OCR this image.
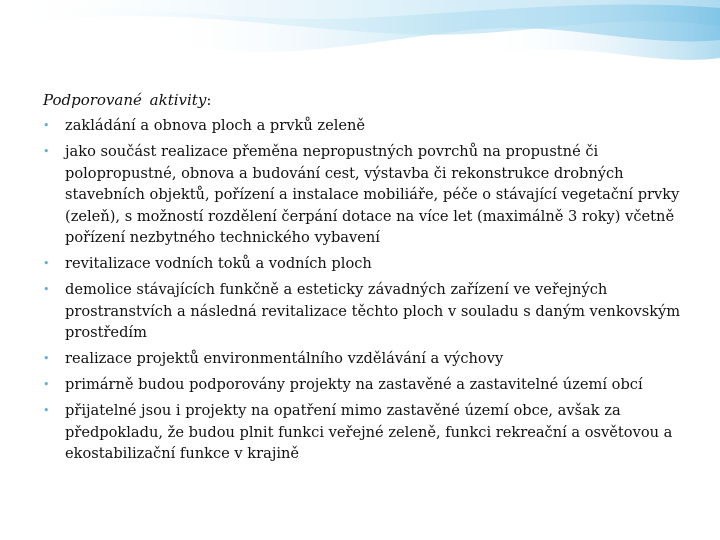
Podporované aktivity:
• zakládání a obnova ploch a prvků zeleně
• jako součást realizace přeměna nepropustných povrchů na propustné či polopropustné, obnova a budování cest, výstavba či rekonstrukce drobných stavebních objektů, pořízení a instalace mobiliáře, péče o stávající vegetační prvky (zeleň), s možností rozdělení čerpání dotace na více let (maximálně 3 roky) včetně pořízení nezbytného technického vybavení
• revitalizace vodních toků a vodních ploch
• demolice stávajících funkčně a esteticky závadných zařízení ve veřejných prostranstvích a následná revitalizace těchto ploch v souladu s daným venkovským prostředím
• realizace projektů environmentálního vzdělávání a výchovy
• primárně budou podporovány projekty na zastavěné a zastavitelné území obcí
• přijatelné jsou i projekty na opatření mimo zastavěné území obce, avšak za předpokladu, že budou plnit funkci veřejné zeleně, funkci rekreační a osvětovou a ekostabilizační funkce v krajině
